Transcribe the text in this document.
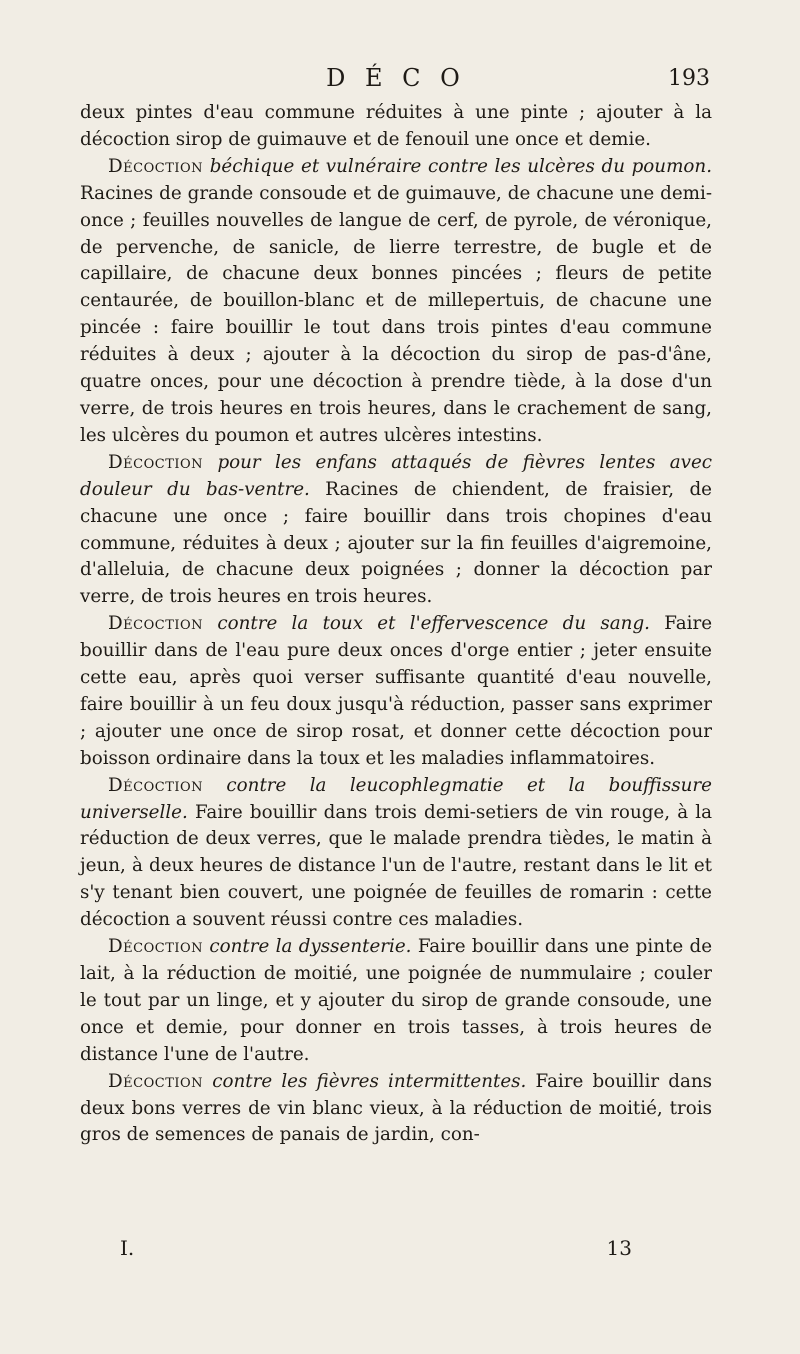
D É C O	193

deux pintes d'eau commune réduites à une pinte ; ajouter à la décoction sirop de guimauve et de fenouil une once et demie.

Décoction béchique et vulnéraire contre les ulcères du poumon. Racines de grande consoude et de guimauve, de chacune une demi-once ; feuilles nouvelles de langue de cerf, de pyrole, de véronique, de pervenche, de sanicle, de lierre terrestre, de bugle et de capillaire, de chacune deux bonnes pincées ; fleurs de petite centaurée, de bouillon-blanc et de millepertuis, de chacune une pincée : faire bouillir le tout dans trois pintes d'eau commune réduites à deux ; ajouter à la décoction du sirop de pas-d'âne, quatre onces, pour une décoction à prendre tiède, à la dose d'un verre, de trois heures en trois heures, dans le crachement de sang, les ulcères du poumon et autres ulcères intestins.

Décoction pour les enfans attaqués de fièvres lentes avec douleur du bas-ventre. Racines de chiendent, de fraisier, de chacune une once ; faire bouillir dans trois chopines d'eau commune, réduites à deux ; ajouter sur la fin feuilles d'aigremoine, d'alleluia, de chacune deux poignées ; donner la décoction par verre, de trois heures en trois heures.

Décoction contre la toux et l'effervescence du sang. Faire bouillir dans de l'eau pure deux onces d'orge entier ; jeter ensuite cette eau, après quoi verser suffisante quantité d'eau nouvelle, faire bouillir à un feu doux jusqu'à réduction, passer sans exprimer ; ajouter une once de sirop rosat, et donner cette décoction pour boisson ordinaire dans la toux et les maladies inflammatoires.

Décoction contre la leucophlegmatie et la bouffissure universelle. Faire bouillir dans trois demi-setiers de vin rouge, à la réduction de deux verres, que le malade prendra tièdes, le matin à jeun, à deux heures de distance l'un de l'autre, restant dans le lit et s'y tenant bien couvert, une poignée de feuilles de romarin : cette décoction a souvent réussi contre ces maladies.

Décoction contre la dyssenterie. Faire bouillir dans une pinte de lait, à la réduction de moitié, une poignée de nummulaire ; couler le tout par un linge, et y ajouter du sirop de grande consoude, une once et demie, pour donner en trois tasses, à trois heures de distance l'une de l'autre.

Décoction contre les fièvres intermittentes. Faire bouillir dans deux bons verres de vin blanc vieux, à la réduction de moitié, trois gros de semences de panais de jardin, con-

I.	13
